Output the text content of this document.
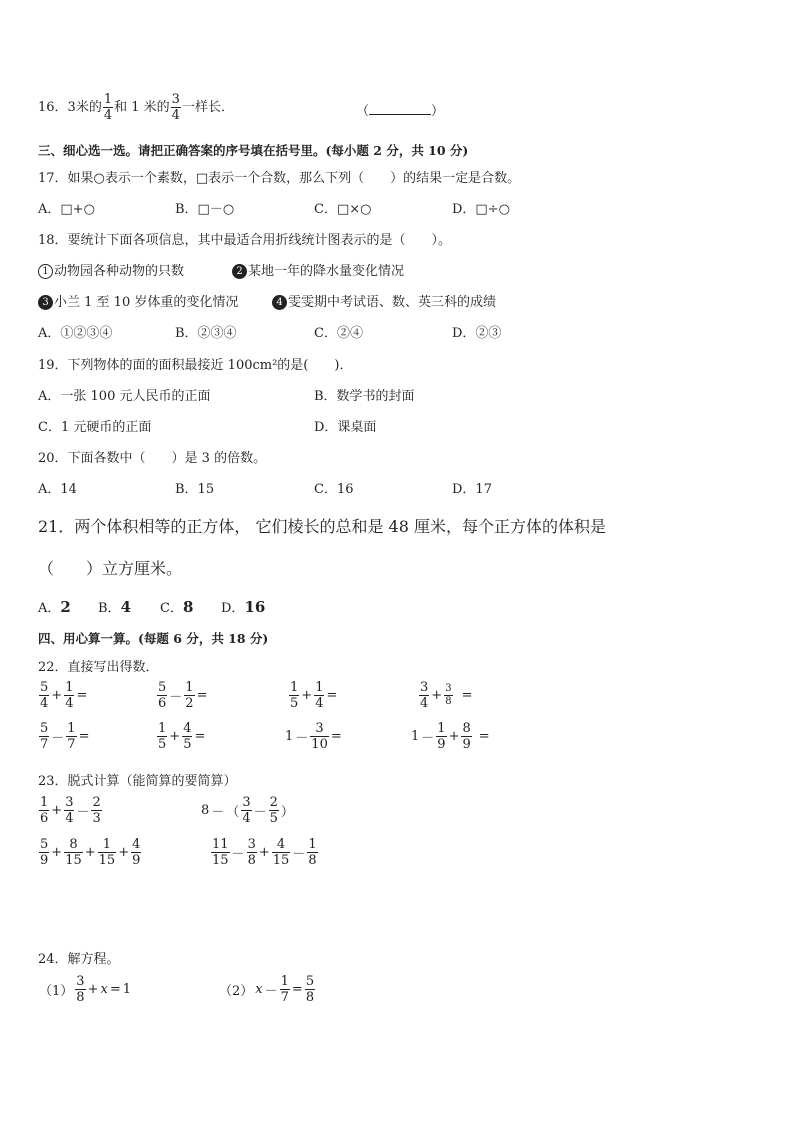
16．3米的 $\frac{1}{4}$ 和 1 米的 $\frac{3}{4}$ 一样长．	（	）
三、细心选一选。请把正确答案的序号填在括号里。(每小题 2 分，共 10 分)
17．如果○表示一个素数，□表示一个合数，那么下列（　　）的结果一定是合数。
A．□+○	B．□－○	C．□×○	D．□÷○
18．要统计下面各项信息，其中最适合用折线统计图表示的是（　　）。
1 动物园各种动物的只数	2 某地一年的降水量变化情况
3 小兰 1 至 10 岁体重的变化情况	4 雯雯期中考试语、数、英三科的成绩
A．①②③④	B．②③④	C．②④	D．②③
19．下列物体的面的面积最接近 100cm²的是(　　)．
A．一张 100 元人民币的正面	B．数学书的封面
C．1 元硬币的正面	D．课桌面
20．下面各数中（　　）是 3 的倍数。
A．14	B．15	C．16	D．17
21．两个体积相等的正方体， 它们棱长的总和是 48 厘米，每个正方体的体积是
（　　）立方厘米。
A．2 B．4 C．8 D．16
四、用心算一算。(每题 6 分，共 18 分)
22．直接写出得数．
$\frac{5}{4} + \frac{1}{4}$ =	$\frac{5}{6} - \frac{1}{2}$ =	$\frac{1}{5} + \frac{1}{4}$ =	$\frac{3}{4} + \frac{3}{8}$ =
$\frac{5}{7} - \frac{1}{7}$ =	$\frac{1}{5} + \frac{4}{5}$ =	$1 - \frac{3}{10}$ =	$1 - \frac{1}{9} + \frac{8}{9}$ =
23．脱式计算（能简算的要简算）
$\frac{1}{6} + \frac{3}{4} - \frac{2}{3}$	8 － （ $\frac{3}{4} - \frac{2}{5}$ ）
$\frac{5}{9} + \frac{8}{15} + \frac{1}{15} + \frac{4}{9}$	$\frac{11}{15} - \frac{3}{8} + \frac{4}{15} - \frac{1}{8}$
24．解方程。
$(1) \frac{3}{8} + x = 1$	（2） $x - \frac{1}{7} = \frac{5}{8}$
